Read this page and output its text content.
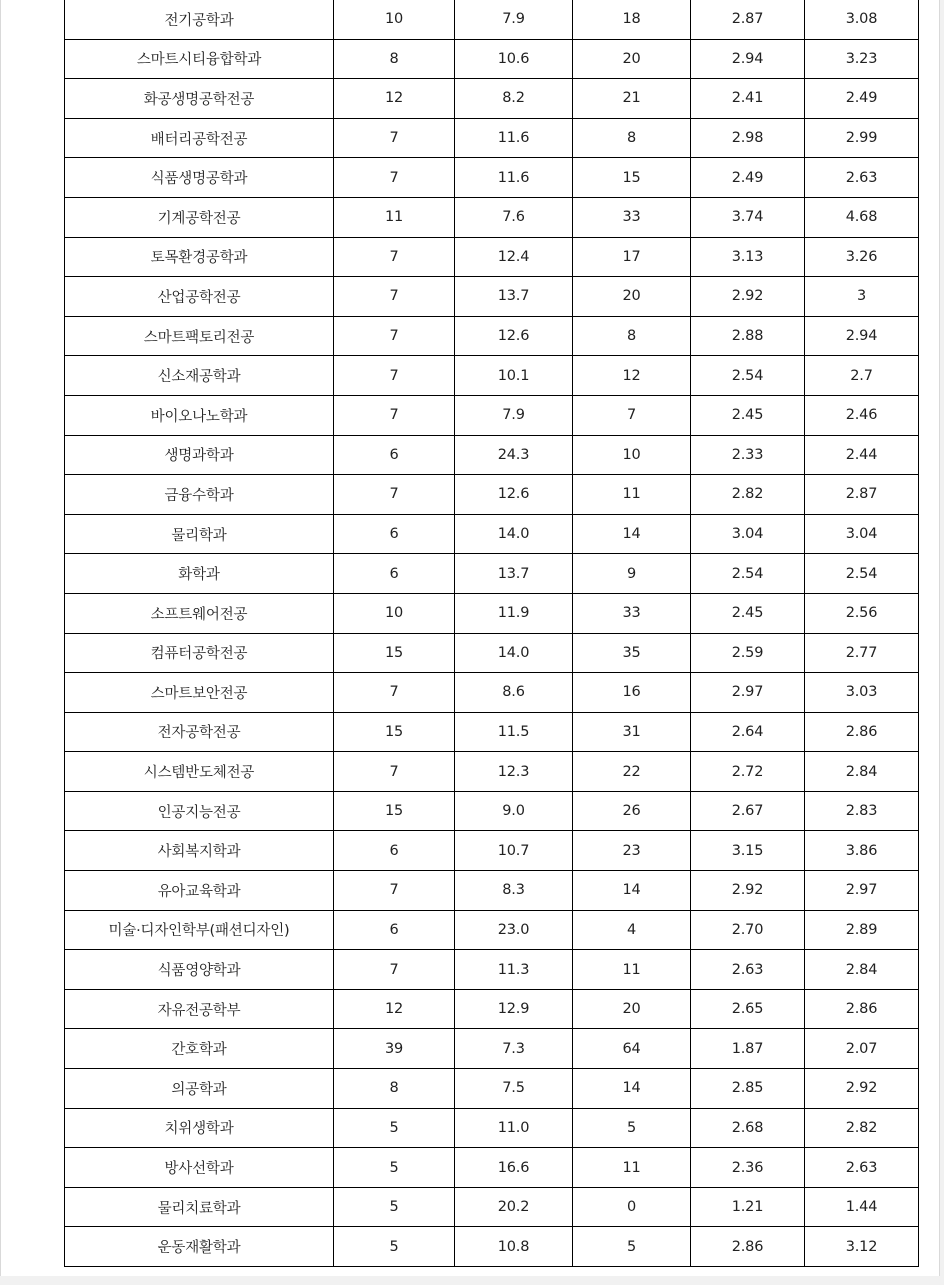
전기공학과	10	7.9	18	2.87	3.08
스마트시티융합학과	8	10.6	20	2.94	3.23
화공생명공학전공	12	8.2	21	2.41	2.49
배터리공학전공	7	11.6	8	2.98	2.99
식품생명공학과	7	11.6	15	2.49	2.63
기계공학전공	11	7.6	33	3.74	4.68
토목환경공학과	7	12.4	17	3.13	3.26
산업공학전공	7	13.7	20	2.92	3
스마트팩토리전공	7	12.6	8	2.88	2.94
신소재공학과	7	10.1	12	2.54	2.7
바이오나노학과	7	7.9	7	2.45	2.46
생명과학과	6	24.3	10	2.33	2.44
금융수학과	7	12.6	11	2.82	2.87
물리학과	6	14.0	14	3.04	3.04
화학과	6	13.7	9	2.54	2.54
소프트웨어전공	10	11.9	33	2.45	2.56
컴퓨터공학전공	15	14.0	35	2.59	2.77
스마트보안전공	7	8.6	16	2.97	3.03
전자공학전공	15	11.5	31	2.64	2.86
시스템반도체전공	7	12.3	22	2.72	2.84
인공지능전공	15	9.0	26	2.67	2.83
사회복지학과	6	10.7	23	3.15	3.86
유아교육학과	7	8.3	14	2.92	2.97
미술·디자인학부(패션디자인)	6	23.0	4	2.70	2.89
식품영양학과	7	11.3	11	2.63	2.84
자유전공학부	12	12.9	20	2.65	2.86
간호학과	39	7.3	64	1.87	2.07
의공학과	8	7.5	14	2.85	2.92
치위생학과	5	11.0	5	2.68	2.82
방사선학과	5	16.6	11	2.36	2.63
물리치료학과	5	20.2	0	1.21	1.44
운동재활학과	5	10.8	5	2.86	3.12
